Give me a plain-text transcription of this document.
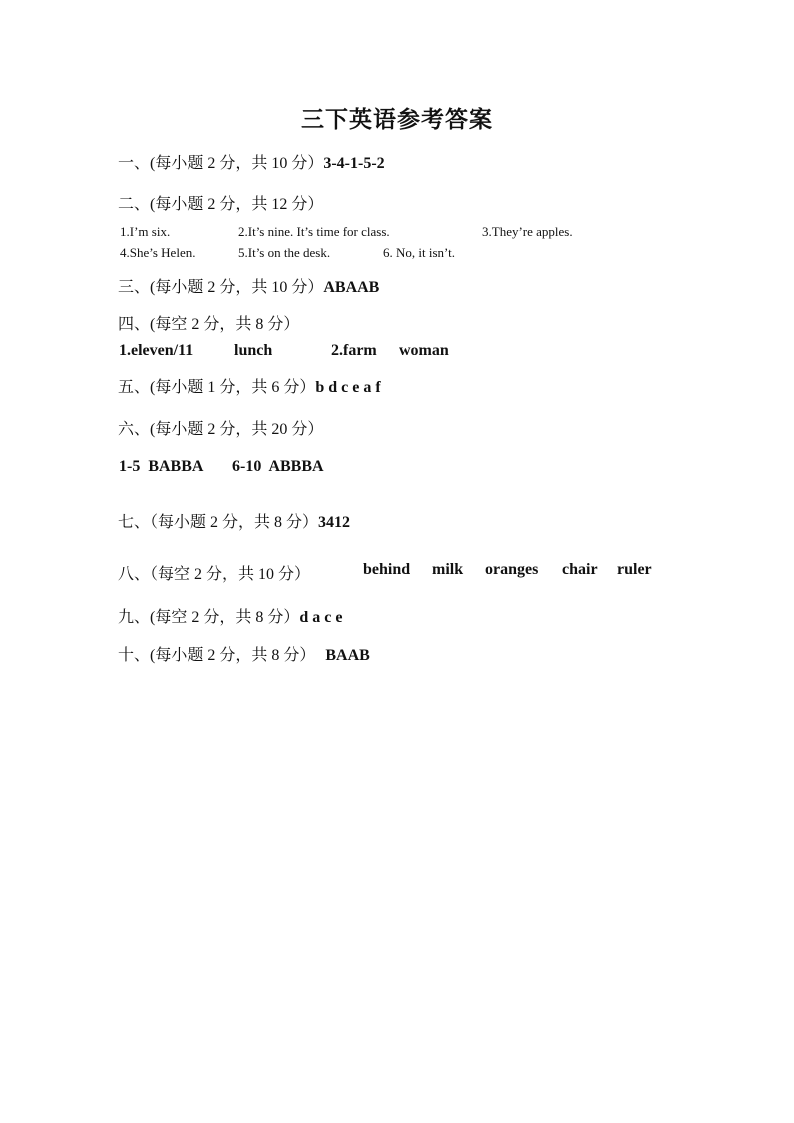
三下英语参考答案
一、(每小题 2 分，共 10 分）3-4-1-5-2
二、(每小题 2 分，共 12 分）
1.I’m six.	2.It’s nine. It’s time for class.	3.They’re apples.
4.She’s Helen.	5.It’s on the desk.	6. No, it isn’t.
三、(每小题 2 分，共 10 分）ABAAB
四、(每空 2 分，共 8 分）
1.eleven/11	lunch	2.farm woman
五、(每小题 1 分，共 6 分）b d c e a f
六、(每小题 2 分，共 20 分）
1-5  BABBA 6-10  ABBBA
七、（每小题 2 分，共 8 分）3412
八、（每空 2 分，共 10 分）	behind milk oranges chair ruler
九、(每空 2 分，共 8 分）d a c e
十、(每小题 2 分，共 8 分） BAAB
